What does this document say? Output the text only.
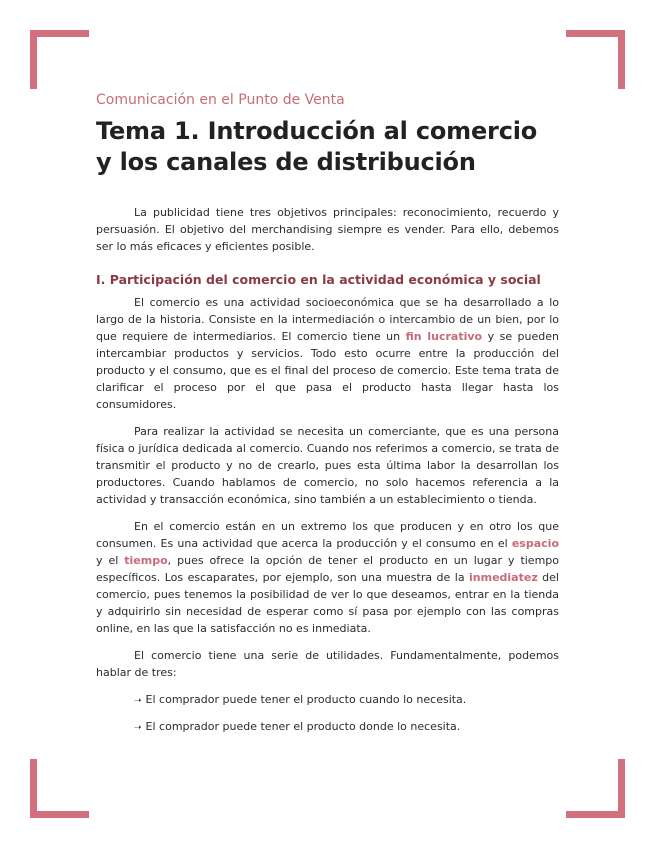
Comunicación en el Punto de Venta
Tema 1. Introducción al comercio y los canales de distribución

La publicidad tiene tres objetivos principales: reconocimiento, recuerdo y persuasión. El objetivo del merchandising siempre es vender. Para ello, debemos ser lo más eficaces y eficientes posible.

I. Participación del comercio en la actividad económica y social

El comercio es una actividad socioeconómica que se ha desarrollado a lo largo de la historia. Consiste en la intermediación o intercambio de un bien, por lo que requiere de intermediarios. El comercio tiene un fin lucrativo y se pueden intercambiar productos y servicios. Todo esto ocurre entre la producción del producto y el consumo, que es el final del proceso de comercio. Este tema trata de clarificar el proceso por el que pasa el producto hasta llegar hasta los consumidores.

Para realizar la actividad se necesita un comerciante, que es una persona física o jurídica dedicada al comercio. Cuando nos referimos a comercio, se trata de transmitir el producto y no de crearlo, pues esta última labor la desarrollan los productores. Cuando hablamos de comercio, no solo hacemos referencia a la actividad y transacción económica, sino también a un establecimiento o tienda.

En el comercio están en un extremo los que producen y en otro los que consumen. Es una actividad que acerca la producción y el consumo en el espacio y el tiempo, pues ofrece la opción de tener el producto en un lugar y tiempo específicos. Los escaparates, por ejemplo, son una muestra de la inmediatez del comercio, pues tenemos la posibilidad de ver lo que deseamos, entrar en la tienda y adquirirlo sin necesidad de esperar como sí pasa por ejemplo con las compras online, en las que la satisfacción no es inmediata.

El comercio tiene una serie de utilidades. Fundamentalmente, podemos hablar de tres:

➝ El comprador puede tener el producto cuando lo necesita.
➝ El comprador puede tener el producto donde lo necesita.
